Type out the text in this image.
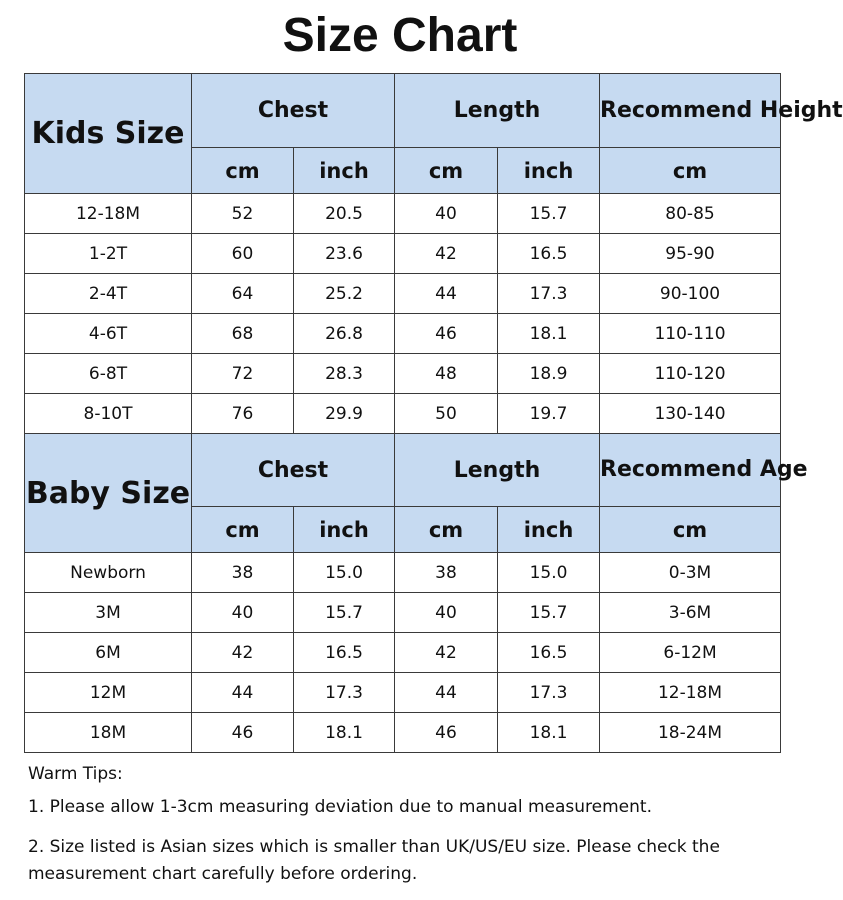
Size Chart
Kids Size	Chest		Length		Recommend Height
	cm	inch	cm	inch	cm
12-18M	52	20.5	40	15.7	80-85
1-2T	60	23.6	42	16.5	95-90
2-4T	64	25.2	44	17.3	90-100
4-6T	68	26.8	46	18.1	110-110
6-8T	72	28.3	48	18.9	110-120
8-10T	76	29.9	50	19.7	130-140
Baby Size	Chest		Length		Recommend Age
	cm	inch	cm	inch	cm
Newborn	38	15.0	38	15.0	0-3M
3M	40	15.7	40	15.7	3-6M
6M	42	16.5	42	16.5	6-12M
12M	44	17.3	44	17.3	12-18M
18M	46	18.1	46	18.1	18-24M

Warm Tips:

1. Please allow 1-3cm measuring deviation due to manual measurement.

2. Size listed is Asian sizes which is smaller than UK/US/EU size. Please check the measurement chart carefully before ordering.
